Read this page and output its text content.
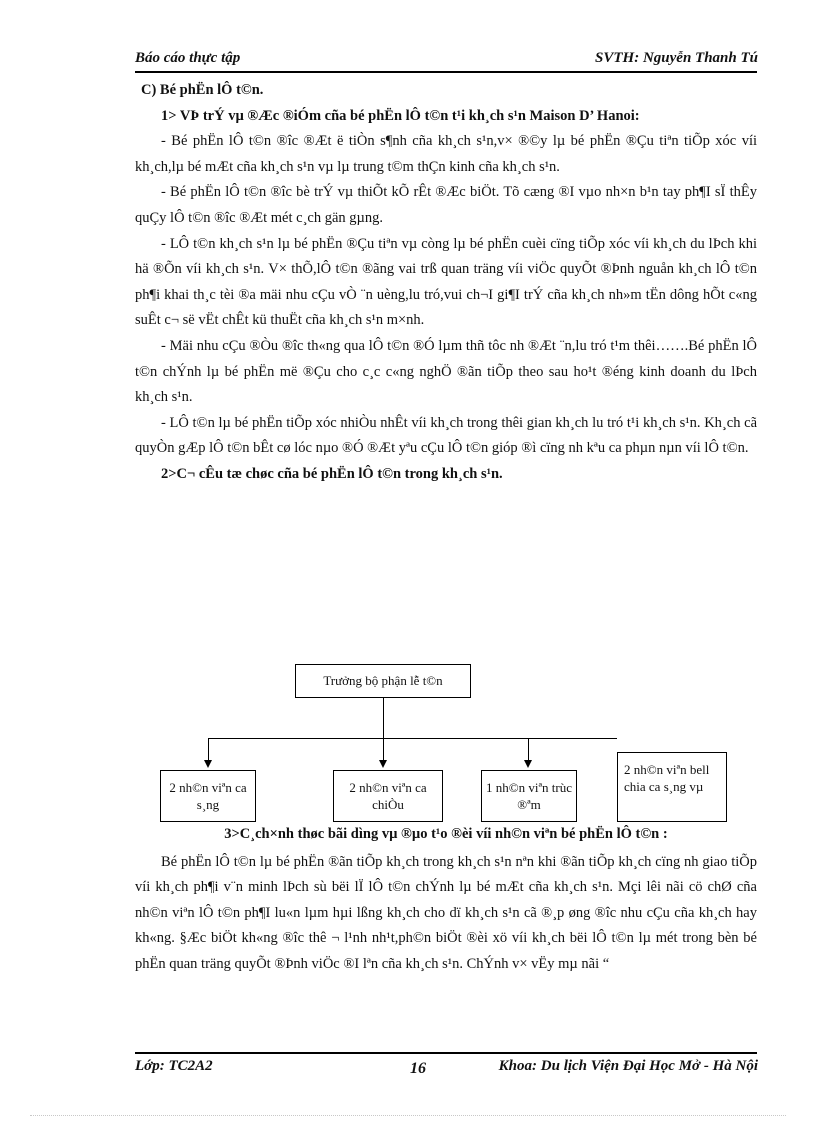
Báo cáo thực tập	SVTH: Nguyễn Thanh Tú

C) Bé phËn lÔ t©n.

1> VÞ trÝ vµ ®Æc ®iÓm cña bé phËn lÔ t©n t¹i kh¸ch s¹n Maison D’ Hanoi:

- Bé phËn lÔ t©n ®îc ®Æt ë tiÒn s¶nh cña kh¸ch s¹n,v× ®©y lµ bé phËn ®Çu tiªn tiÕp xóc víi kh¸ch,lµ bé mÆt cña kh¸ch s¹n vµ lµ trung t©m thÇn kinh cña kh¸ch s¹n.

- Bé phËn lÔ t©n ®îc bè trÝ vµ thiÕt kÕ rÊt ®Æc biÖt. Tõ cæng ®I vµo nh×n b¹n tay ph¶I sÏ thÊy quÇy lÔ t©n ®îc ®Æt mét c¸ch gän gµng.

- LÔ t©n kh¸ch s¹n lµ bé phËn ®Çu tiªn vµ còng lµ bé phËn cuèi cïng tiÕp xóc víi kh¸ch du lÞch khi hä ®Õn víi kh¸ch s¹n. V× thÕ,lÔ t©n ®ãng vai trß quan träng víi viÖc quyÕt ®Þnh nguån kh¸ch lÔ t©n ph¶i khai th¸c tèi ®a mäi nhu cÇu vÒ ¨n uèng,lu tró,vui ch¬I gi¶I trÝ cña kh¸ch nh»m tËn dông hÕt c«ng suÊt c¬ së vËt chÊt kü thuËt cña kh¸ch s¹n m×nh.

- Mäi nhu cÇu ®Òu ®îc th«ng qua lÔ t©n ®Ó lµm thñ tôc nh ®Æt ¨n,lu tró t¹m thêi…….Bé phËn lÔ t©n chÝnh lµ bé phËn më ®Çu cho c¸c c«ng nghÖ ®ãn tiÕp theo sau ho¹t ®éng kinh doanh du lÞch kh¸ch s¹n.

- LÔ t©n lµ bé phËn tiÕp xóc nhiÒu nhÊt víi kh¸ch trong thêi gian kh¸ch lu tró t¹i kh¸ch s¹n. Kh¸ch cã quyÒn gÆp lÔ t©n bÊt cø lóc nµo ®Ó ®Æt yªu cÇu lÔ t©n gióp ®ì cïng nh kªu ca phµn nµn víi lÔ t©n.

2>C¬ cÊu tæ chøc cña bé phËn lÔ t©n trong kh¸ch s¹n.

Trưởng bộ phận lễ t©n
2 nh©n viªn ca s¸ng
2 nh©n viªn ca chiÒu
1 nh©n viªn trùc ®ªm
2 nh©n viªn bell chia ca s¸ng vµ

3>C¸ch×nh thøc bãi dìng vµ ®µo t¹o ®èi víi nh©n viªn bé phËn lÔ t©n :

Bé phËn lÔ t©n lµ bé phËn ®ãn tiÕp kh¸ch trong kh¸ch s¹n nªn khi ®ãn tiÕp kh¸ch cïng nh giao tiÕp víi kh¸ch ph¶i v¨n minh lÞch sù bëi lÏ lÔ t©n chÝnh lµ bé mÆt cña kh¸ch s¹n. Mçi lêi nãi cö chØ cña nh©n viªn lÔ t©n ph¶I lu«n lµm hµi lßng kh¸ch cho dï kh¸ch s¹n cã ®¸p øng ®îc nhu cÇu cña kh¸ch hay kh«ng. §Æc biÖt kh«ng ®îc thê ¬ l¹nh nh¹t,ph©n biÖt ®èi xö víi kh¸ch bëi lÔ t©n lµ mét trong bèn bé phËn quan träng quyÕt ®Þnh viÖc ®I lªn cña kh¸ch s¹n. ChÝnh v× vËy mµ nãi “

Lớp: TC2A2	16	Khoa: Du lịch Viện Đại Học Mở - Hà Nội
